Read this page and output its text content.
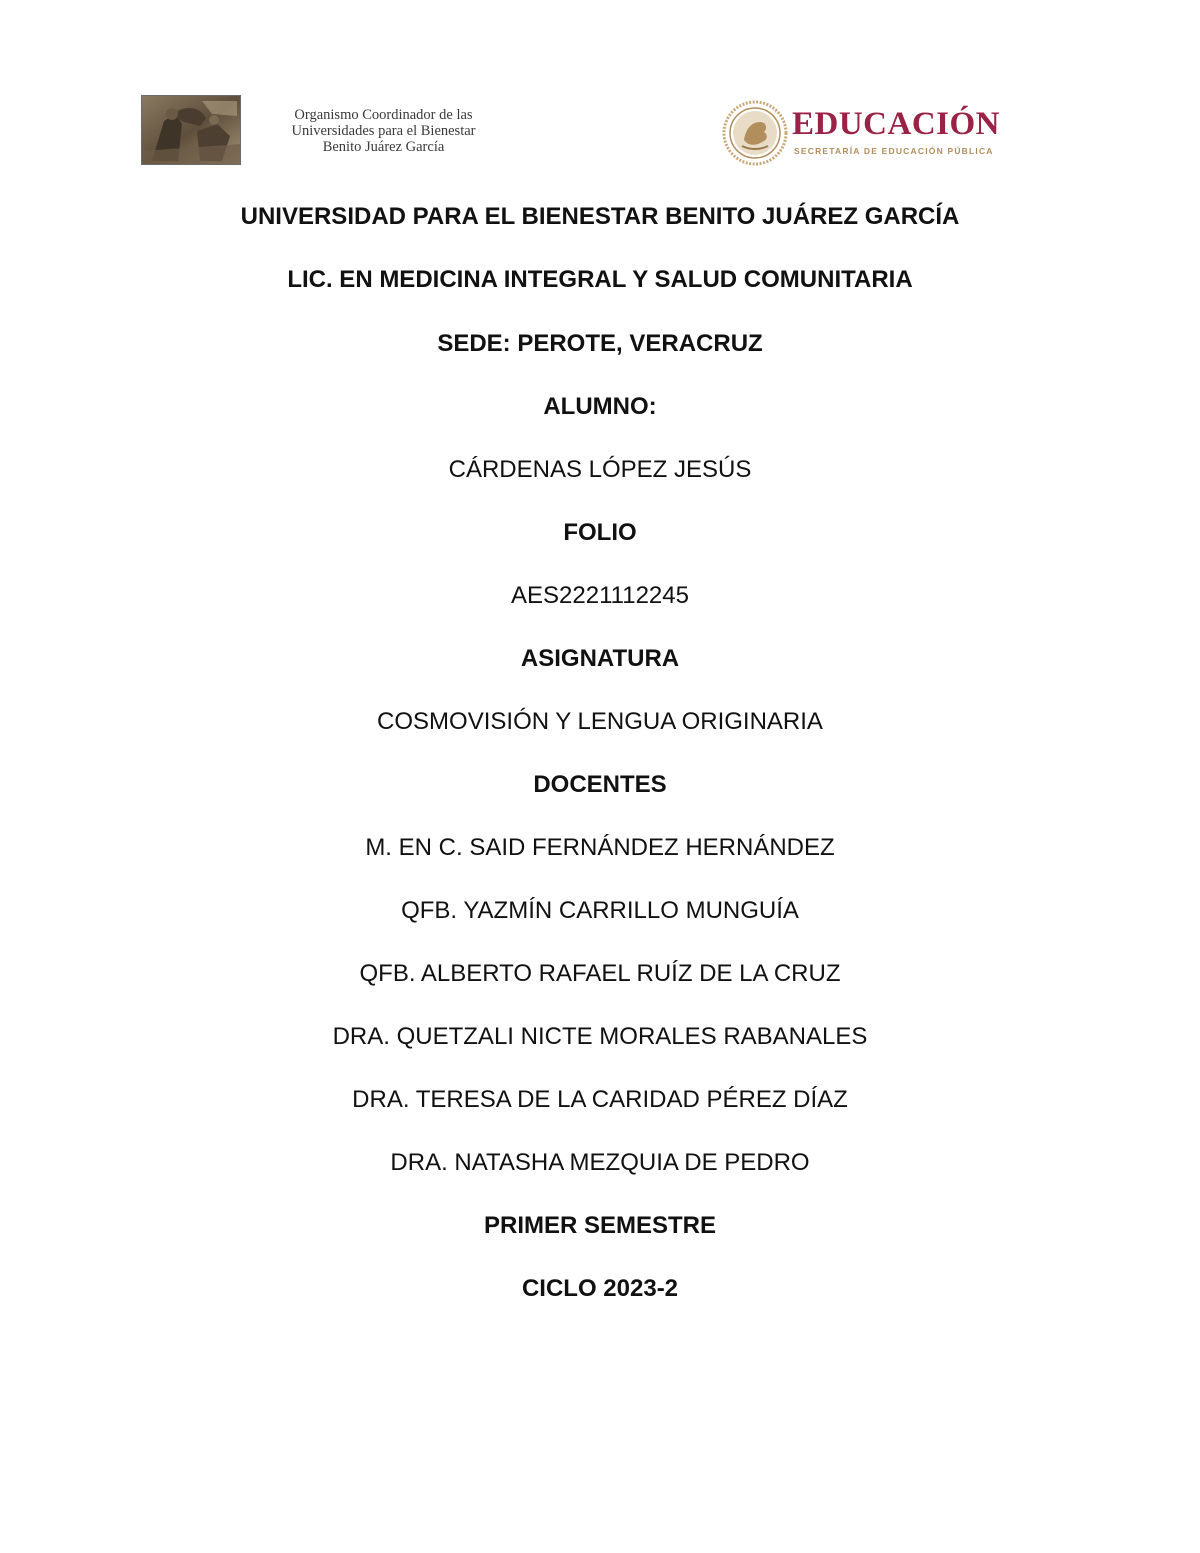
Organismo Coordinador de las
Universidades para el Bienestar
Benito Juárez García
EDUCACIÓN
SECRETARÍA DE EDUCACIÓN PÚBLICA
UNIVERSIDAD PARA EL BIENESTAR BENITO JUÁREZ GARCÍA
LIC. EN MEDICINA INTEGRAL Y SALUD COMUNITARIA
SEDE: PEROTE, VERACRUZ
ALUMNO:
CÁRDENAS LÓPEZ JESÚS
FOLIO
AES2221112245
ASIGNATURA
COSMOVISIÓN Y LENGUA ORIGINARIA
DOCENTES
M. EN C. SAID FERNÁNDEZ HERNÁNDEZ
QFB. YAZMÍN CARRILLO MUNGUÍA
QFB. ALBERTO RAFAEL RUÍZ DE LA CRUZ
DRA. QUETZALI NICTE MORALES RABANALES
DRA. TERESA DE LA CARIDAD PÉREZ DÍAZ
DRA. NATASHA MEZQUIA DE PEDRO
PRIMER SEMESTRE
CICLO 2023-2
